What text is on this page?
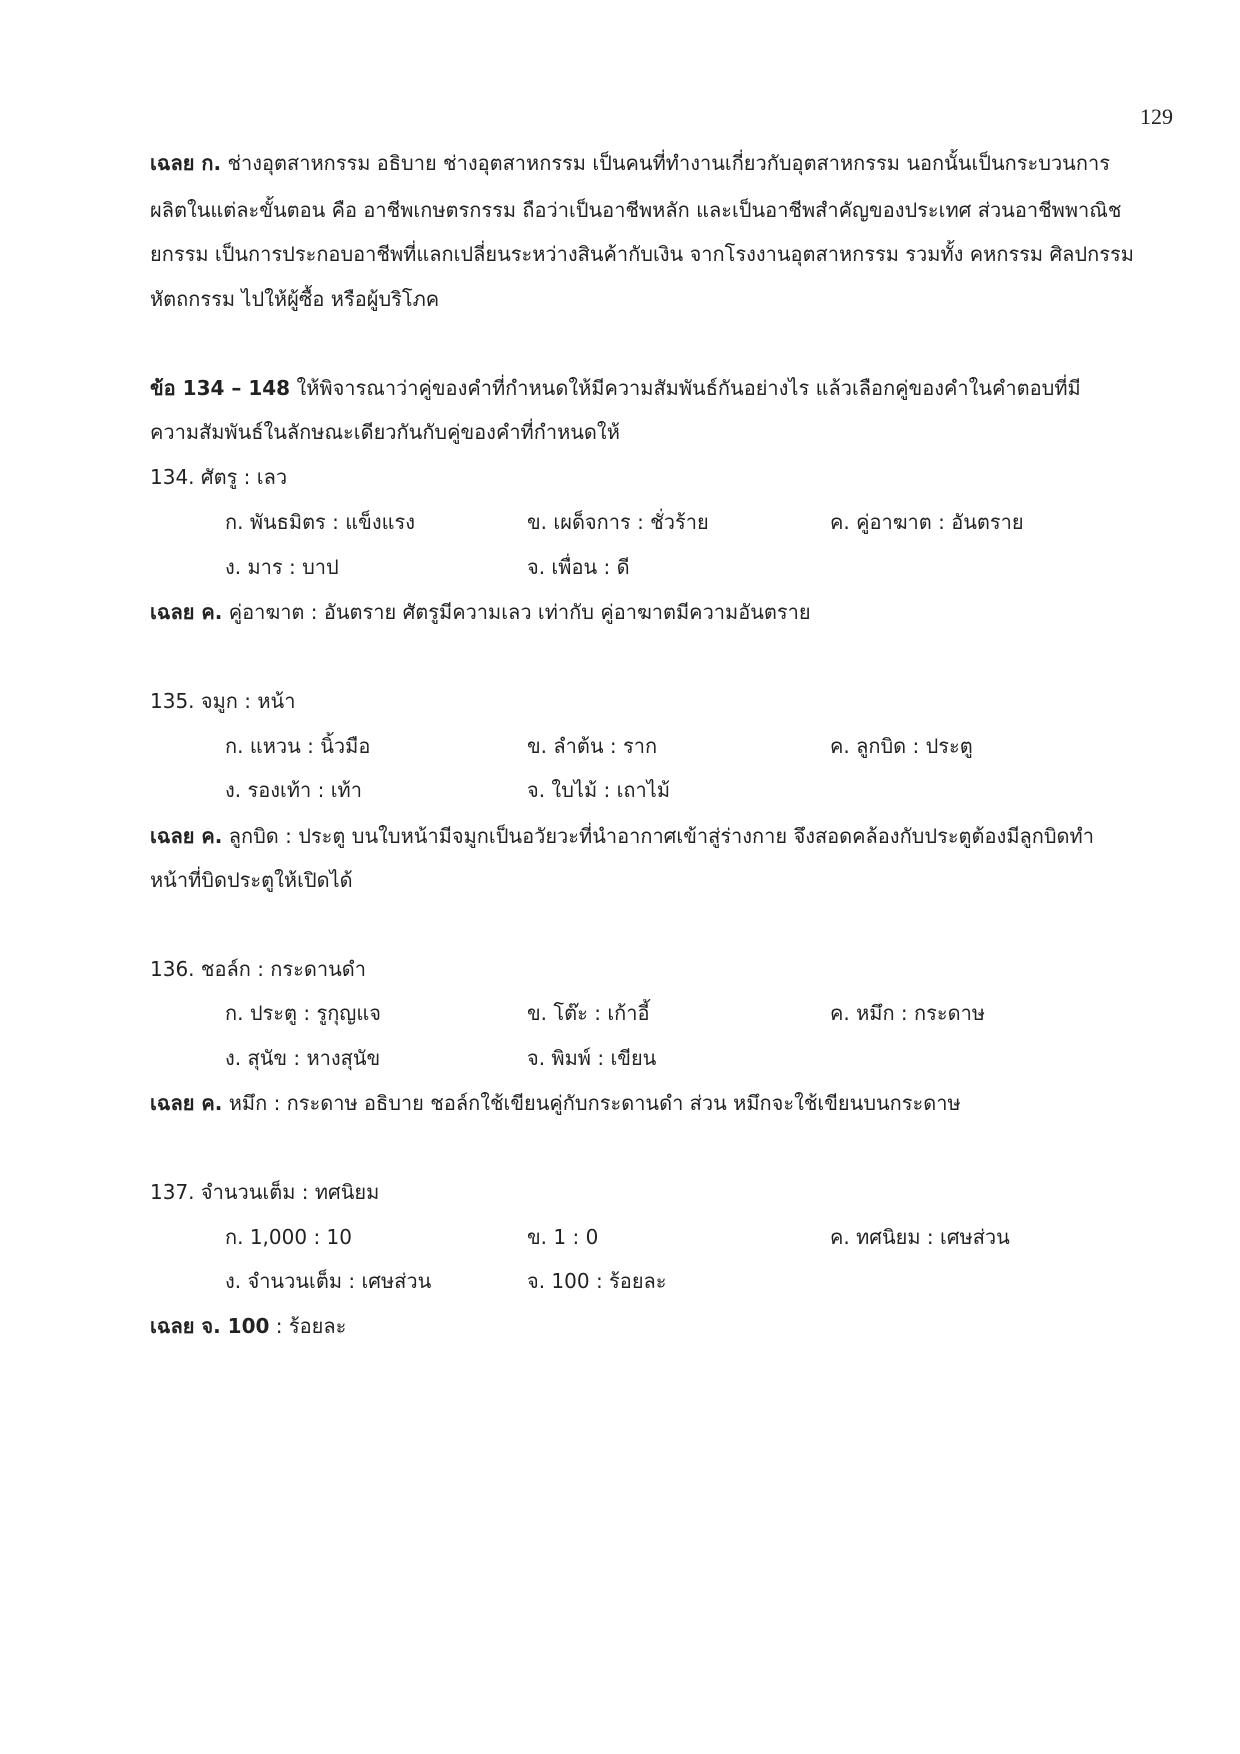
129
เฉลย ก. ช่างอุตสาหกรรม อธิบาย ช่างอุตสาหกรรม เป็นคนที่ทำงานเกี่ยวกับอุตสาหกรรม นอกนั้นเป็นกระบวนการ
ผลิตในแต่ละขั้นตอน คือ อาชีพเกษตรกรรม ถือว่าเป็นอาชีพหลัก และเป็นอาชีพสำคัญของประเทศ ส่วนอาชีพพาณิช
ยกรรม เป็นการประกอบอาชีพที่แลกเปลี่ยนระหว่างสินค้ากับเงิน จากโรงงานอุตสาหกรรม รวมทั้ง คหกรรม ศิลปกรรม
หัตถกรรม ไปให้ผู้ซื้อ หรือผู้บริโภค
ข้อ 134 – 148 ให้พิจารณาว่าคู่ของคำที่กำหนดให้มีความสัมพันธ์กันอย่างไร แล้วเลือกคู่ของคำในคำตอบที่มี
ความสัมพันธ์ในลักษณะเดียวกันกับคู่ของคำที่กำหนดให้
134. ศัตรู : เลว
ก. พันธมิตร : แข็งแรง	ข. เผด็จการ : ชั่วร้าย	ค. คู่อาฆาต : อันตราย
ง. มาร : บาป	จ. เพื่อน : ดี
เฉลย ค. คู่อาฆาต : อันตราย ศัตรูมีความเลว เท่ากับ คู่อาฆาตมีความอันตราย
135. จมูก : หน้า
ก. แหวน : นิ้วมือ	ข. ลำต้น : ราก	ค. ลูกบิด : ประตู
ง. รองเท้า : เท้า	จ. ใบไม้ : เถาไม้
เฉลย ค. ลูกบิด : ประตู บนใบหน้ามีจมูกเป็นอวัยวะที่นำอากาศเข้าสู่ร่างกาย จึงสอดคล้องกับประตูต้องมีลูกบิดทำ
หน้าที่บิดประตูให้เปิดได้
136. ชอล์ก : กระดานดำ
ก. ประตู : รูกุญแจ	ข. โต๊ะ : เก้าอี้	ค. หมึก : กระดาษ
ง. สุนัข : หางสุนัข	จ. พิมพ์ : เขียน
เฉลย ค. หมึก : กระดาษ อธิบาย ชอล์กใช้เขียนคู่กับกระดานดำ ส่วน หมึกจะใช้เขียนบนกระดาษ
137. จำนวนเต็ม : ทศนิยม
ก. 1,000 : 10	ข. 1 : 0	ค. ทศนิยม : เศษส่วน
ง. จำนวนเต็ม : เศษส่วน	จ. 100 : ร้อยละ
เฉลย จ. 100 : ร้อยละ
